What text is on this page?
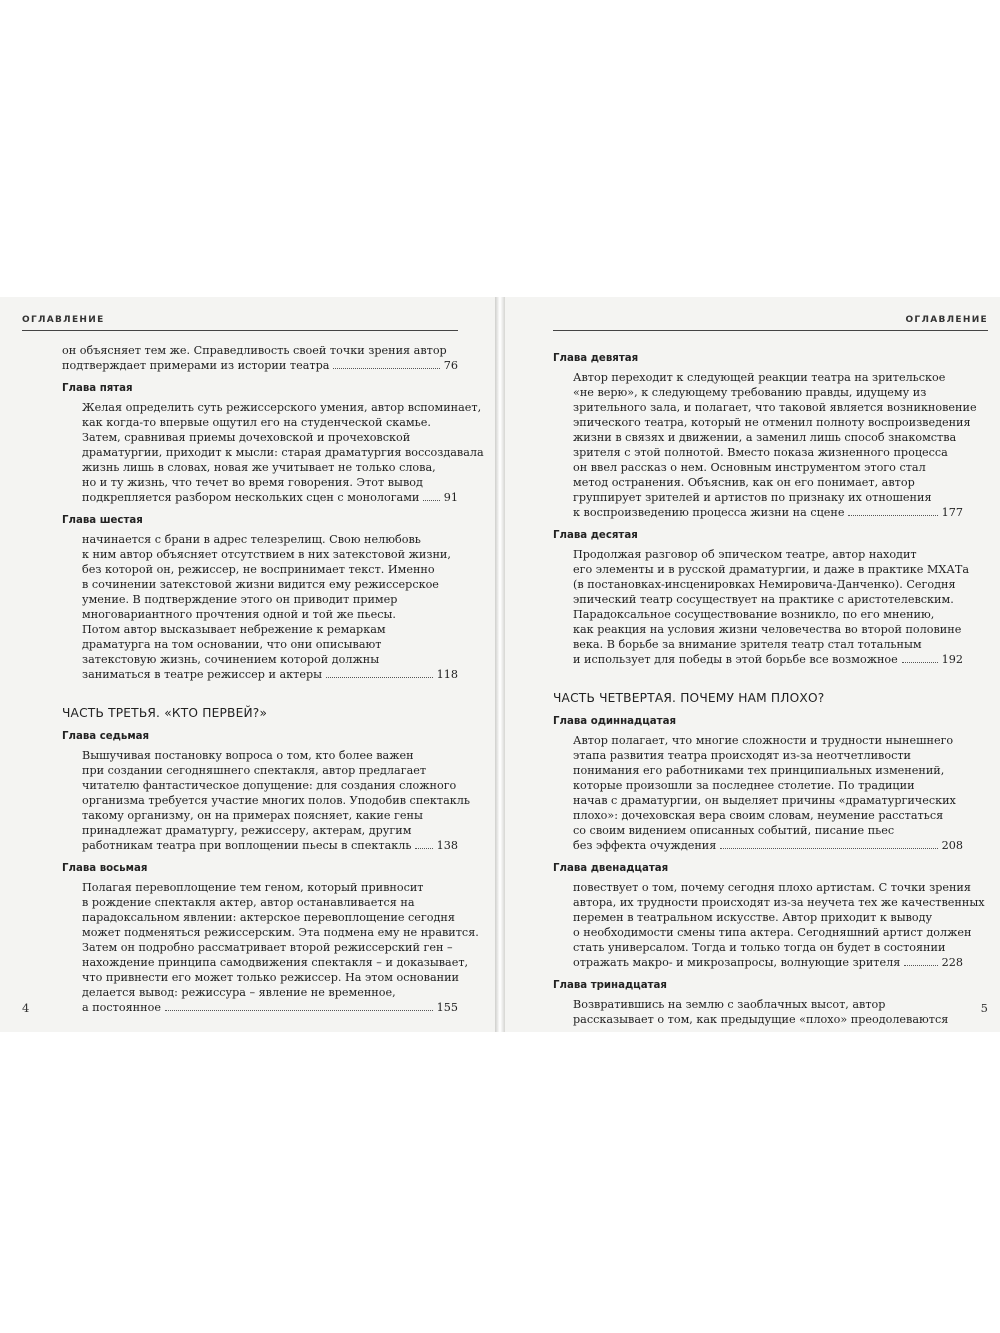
ОГЛАВЛЕНИЕ
он объясняет тем же. Справедливость своей точки зрения автор
подтверждает примерами из истории театра	76
Глава пятая
Желая определить суть режиссерского умения, автор вспоминает,
как когда-то впервые ощутил его на студенческой скамье.
Затем, сравнивая приемы дочеховской и прочеховской
драматургии, приходит к мысли: старая драматургия воссоздавала
жизнь лишь в словах, новая же учитывает не только слова,
но и ту жизнь, что течет во время говорения. Этот вывод
подкрепляется разбором нескольких сцен с монологами 91
Глава шестая
начинается с брани в адрес телезрелищ. Свою нелюбовь
к ним автор объясняет отсутствием в них затекстовой жизни,
без которой он, режиссер, не воспринимает текст. Именно
в сочинении затекстовой жизни видится ему режиссерское
умение. В подтверждение этого он приводит пример
многовариантного прочтения одной и той же пьесы.
Потом автор высказывает небрежение к ремаркам
драматурга на том основании, что они описывают
затекстовую жизнь, сочинением которой должны
заниматься в театре режиссер и актеры	118
ЧАСТЬ ТРЕТЬЯ. «КТО ПЕРВЕЙ?»
Глава седьмая
Вышучивая постановку вопроса о том, кто более важен
при создании сегодняшнего спектакля, автор предлагает
читателю фантастическое допущение: для создания сложного
организма требуется участие многих полов. Уподобив спектакль
такому организму, он на примерах поясняет, какие гены
принадлежат драматургу, режиссеру, актерам, другим
работникам театра при воплощении пьесы в спектакль 138
Глава восьмая
Полагая перевоплощение тем геном, который привносит
в рождение спектакля актер, автор останавливается на
парадоксальном явлении: актерское перевоплощение сегодня
может подменяться режиссерским. Эта подмена ему не нравится.
Затем он подробно рассматривает второй режиссерский ген –
нахождение принципа самодвижения спектакля – и доказывает,
что привнести его может только режиссер. На этом основании
делается вывод: режиссура – явление не временное,
а постоянное	155
4
ОГЛАВЛЕНИЕ
Глава девятая
Автор переходит к следующей реакции театра на зрительское
«не верю», к следующему требованию правды, идущему из
зрительного зала, и полагает, что таковой является возникновение
эпического театра, который не отменил полноту воспроизведения
жизни в связях и движении, а заменил лишь способ знакомства
зрителя с этой полнотой. Вместо показа жизненного процесса
он ввел рассказ о нем. Основным инструментом этого стал
метод остранения. Объяснив, как он его понимает, автор
группирует зрителей и артистов по признаку их отношения
к воспроизведению процесса жизни на сцене	177
Глава десятая
Продолжая разговор об эпическом театре, автор находит
его элементы и в русской драматургии, и даже в практике МХАТа
(в постановках-инсценировках Немировича-Данченко). Сегодня
эпический театр сосуществует на практике с аристотелевским.
Парадоксальное сосуществование возникло, по его мнению,
как реакция на условия жизни человечества во второй половине
века. В борьбе за внимание зрителя театр стал тотальным
и использует для победы в этой борьбе все возможное	192
ЧАСТЬ ЧЕТВЕРТАЯ. ПОЧЕМУ НАМ ПЛОХО?
Глава одиннадцатая
Автор полагает, что многие сложности и трудности нынешнего
этапа развития театра происходят из-за неотчетливости
понимания его работниками тех принципиальных изменений,
которые произошли за последнее столетие. По традиции
начав с драматургии, он выделяет причины «драматургических
плохо»: дочеховская вера своим словам, неумение расстаться
со своим видением описанных событий, писание пьес
без эффекта очуждения	208
Глава двенадцатая
повествует о том, почему сегодня плохо артистам. С точки зрения
автора, их трудности происходят из-за неучета тех же качественных
перемен в театральном искусстве. Автор приходит к выводу
о необходимости смены типа актера. Сегодняшний артист должен
стать универсалом. Тогда и только тогда он будет в состоянии
отражать макро- и микрозапросы, волнующие зрителя	228
Глава тринадцатая
Возвратившись на землю с заоблачных высот, автор
рассказывает о том, как предыдущие «плохо» преодолеваются
5
